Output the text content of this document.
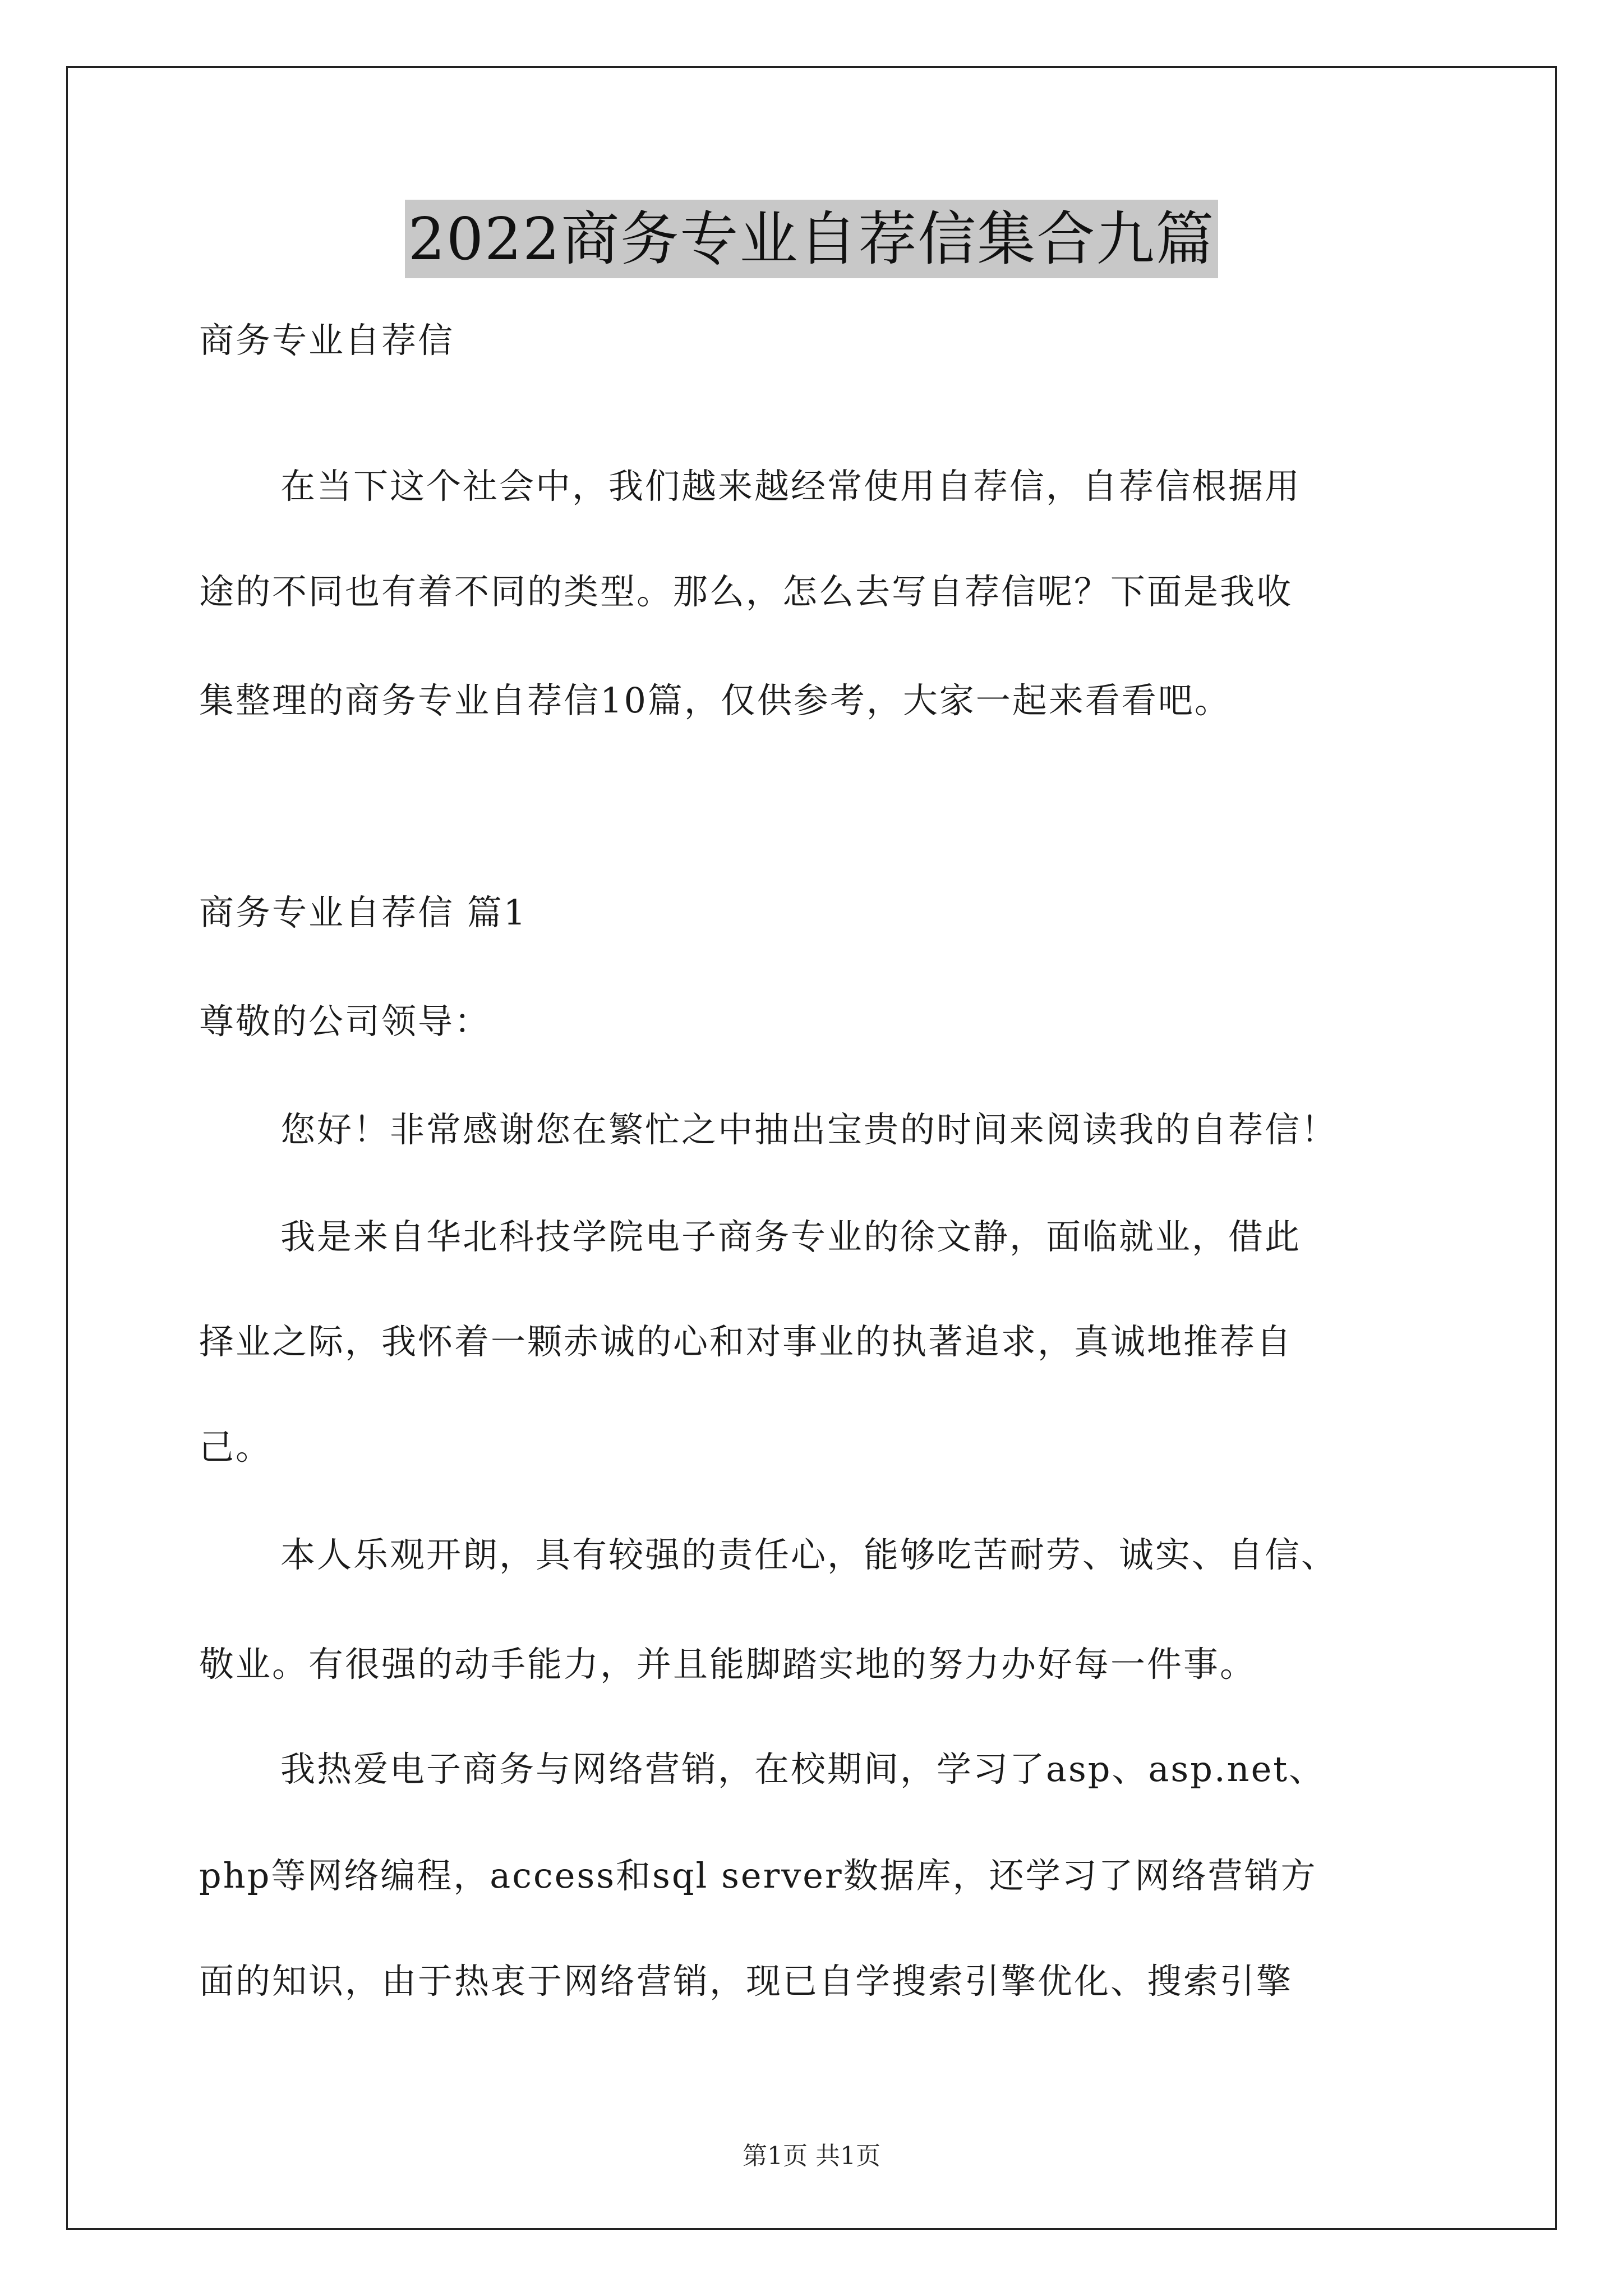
2022商务专业自荐信集合九篇

商务专业自荐信

在当下这个社会中，我们越来越经常使用自荐信，自荐信根据用

途的不同也有着不同的类型。那么，怎么去写自荐信呢？下面是我收

集整理的商务专业自荐信10篇，仅供参考，大家一起来看看吧。

商务专业自荐信 篇1

尊敬的公司领导：

您好！非常感谢您在繁忙之中抽出宝贵的时间来阅读我的自荐信！

我是来自华北科技学院电子商务专业的徐文静，面临就业，借此

择业之际，我怀着一颗赤诚的心和对事业的执著追求，真诚地推荐自

己。

本人乐观开朗，具有较强的责任心，能够吃苦耐劳、诚实、自信、

敬业。有很强的动手能力，并且能脚踏实地的努力办好每一件事。

我热爱电子商务与网络营销，在校期间，学习了asp、asp.net、

php等网络编程，access和sql server数据库，还学习了网络营销方

面的知识，由于热衷于网络营销，现已自学搜索引擎优化、搜索引擎

第1页 共1页
